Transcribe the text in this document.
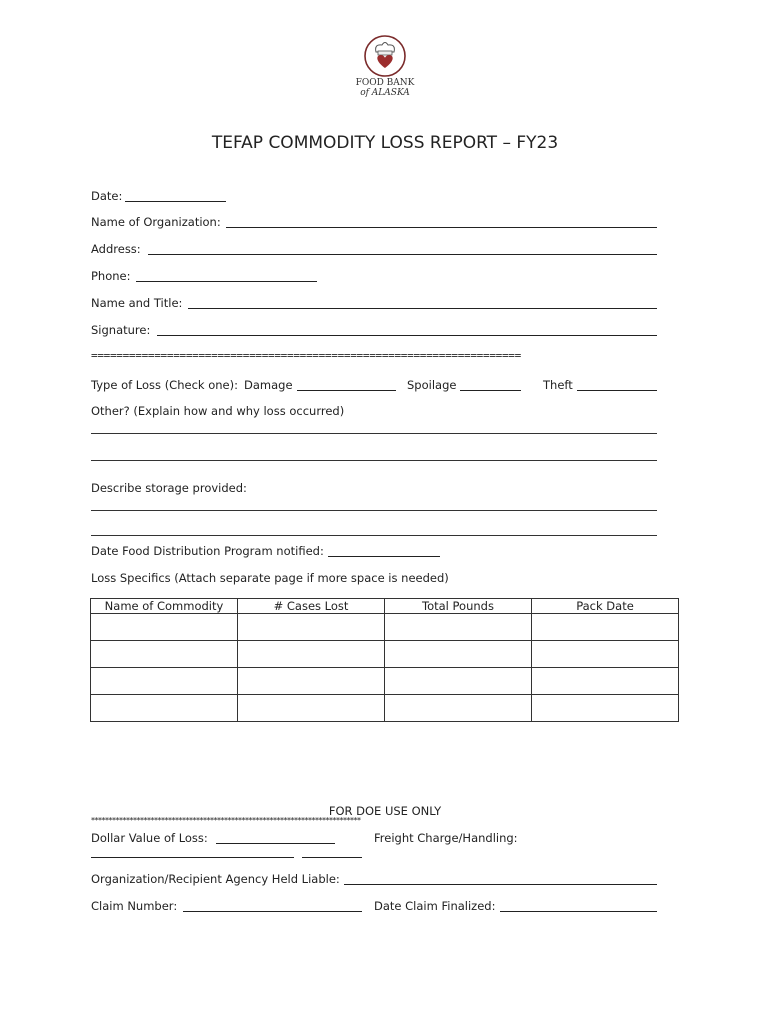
FOOD BANK
of ALASKA
TEFAP COMMODITY LOSS REPORT – FY23
Date:
Name of Organization:
Address:
Phone:
Name and Title:
Signature:
====================================================================
Type of Loss (Check one): Damage	Spoilage	Theft
Other? (Explain how and why loss occurred)
Describe storage provided:
Date Food Distribution Program notified:
Loss Specifics (Attach separate page if more space is needed)
Name of Commodity	# Cases Lost	Total Pounds	Pack Date

FOR DOE USE ONLY
*****************************************************************************
Dollar Value of Loss:	Freight Charge/Handling:
Organization/Recipient Agency Held Liable:
Claim Number:	Date Claim Finalized:
